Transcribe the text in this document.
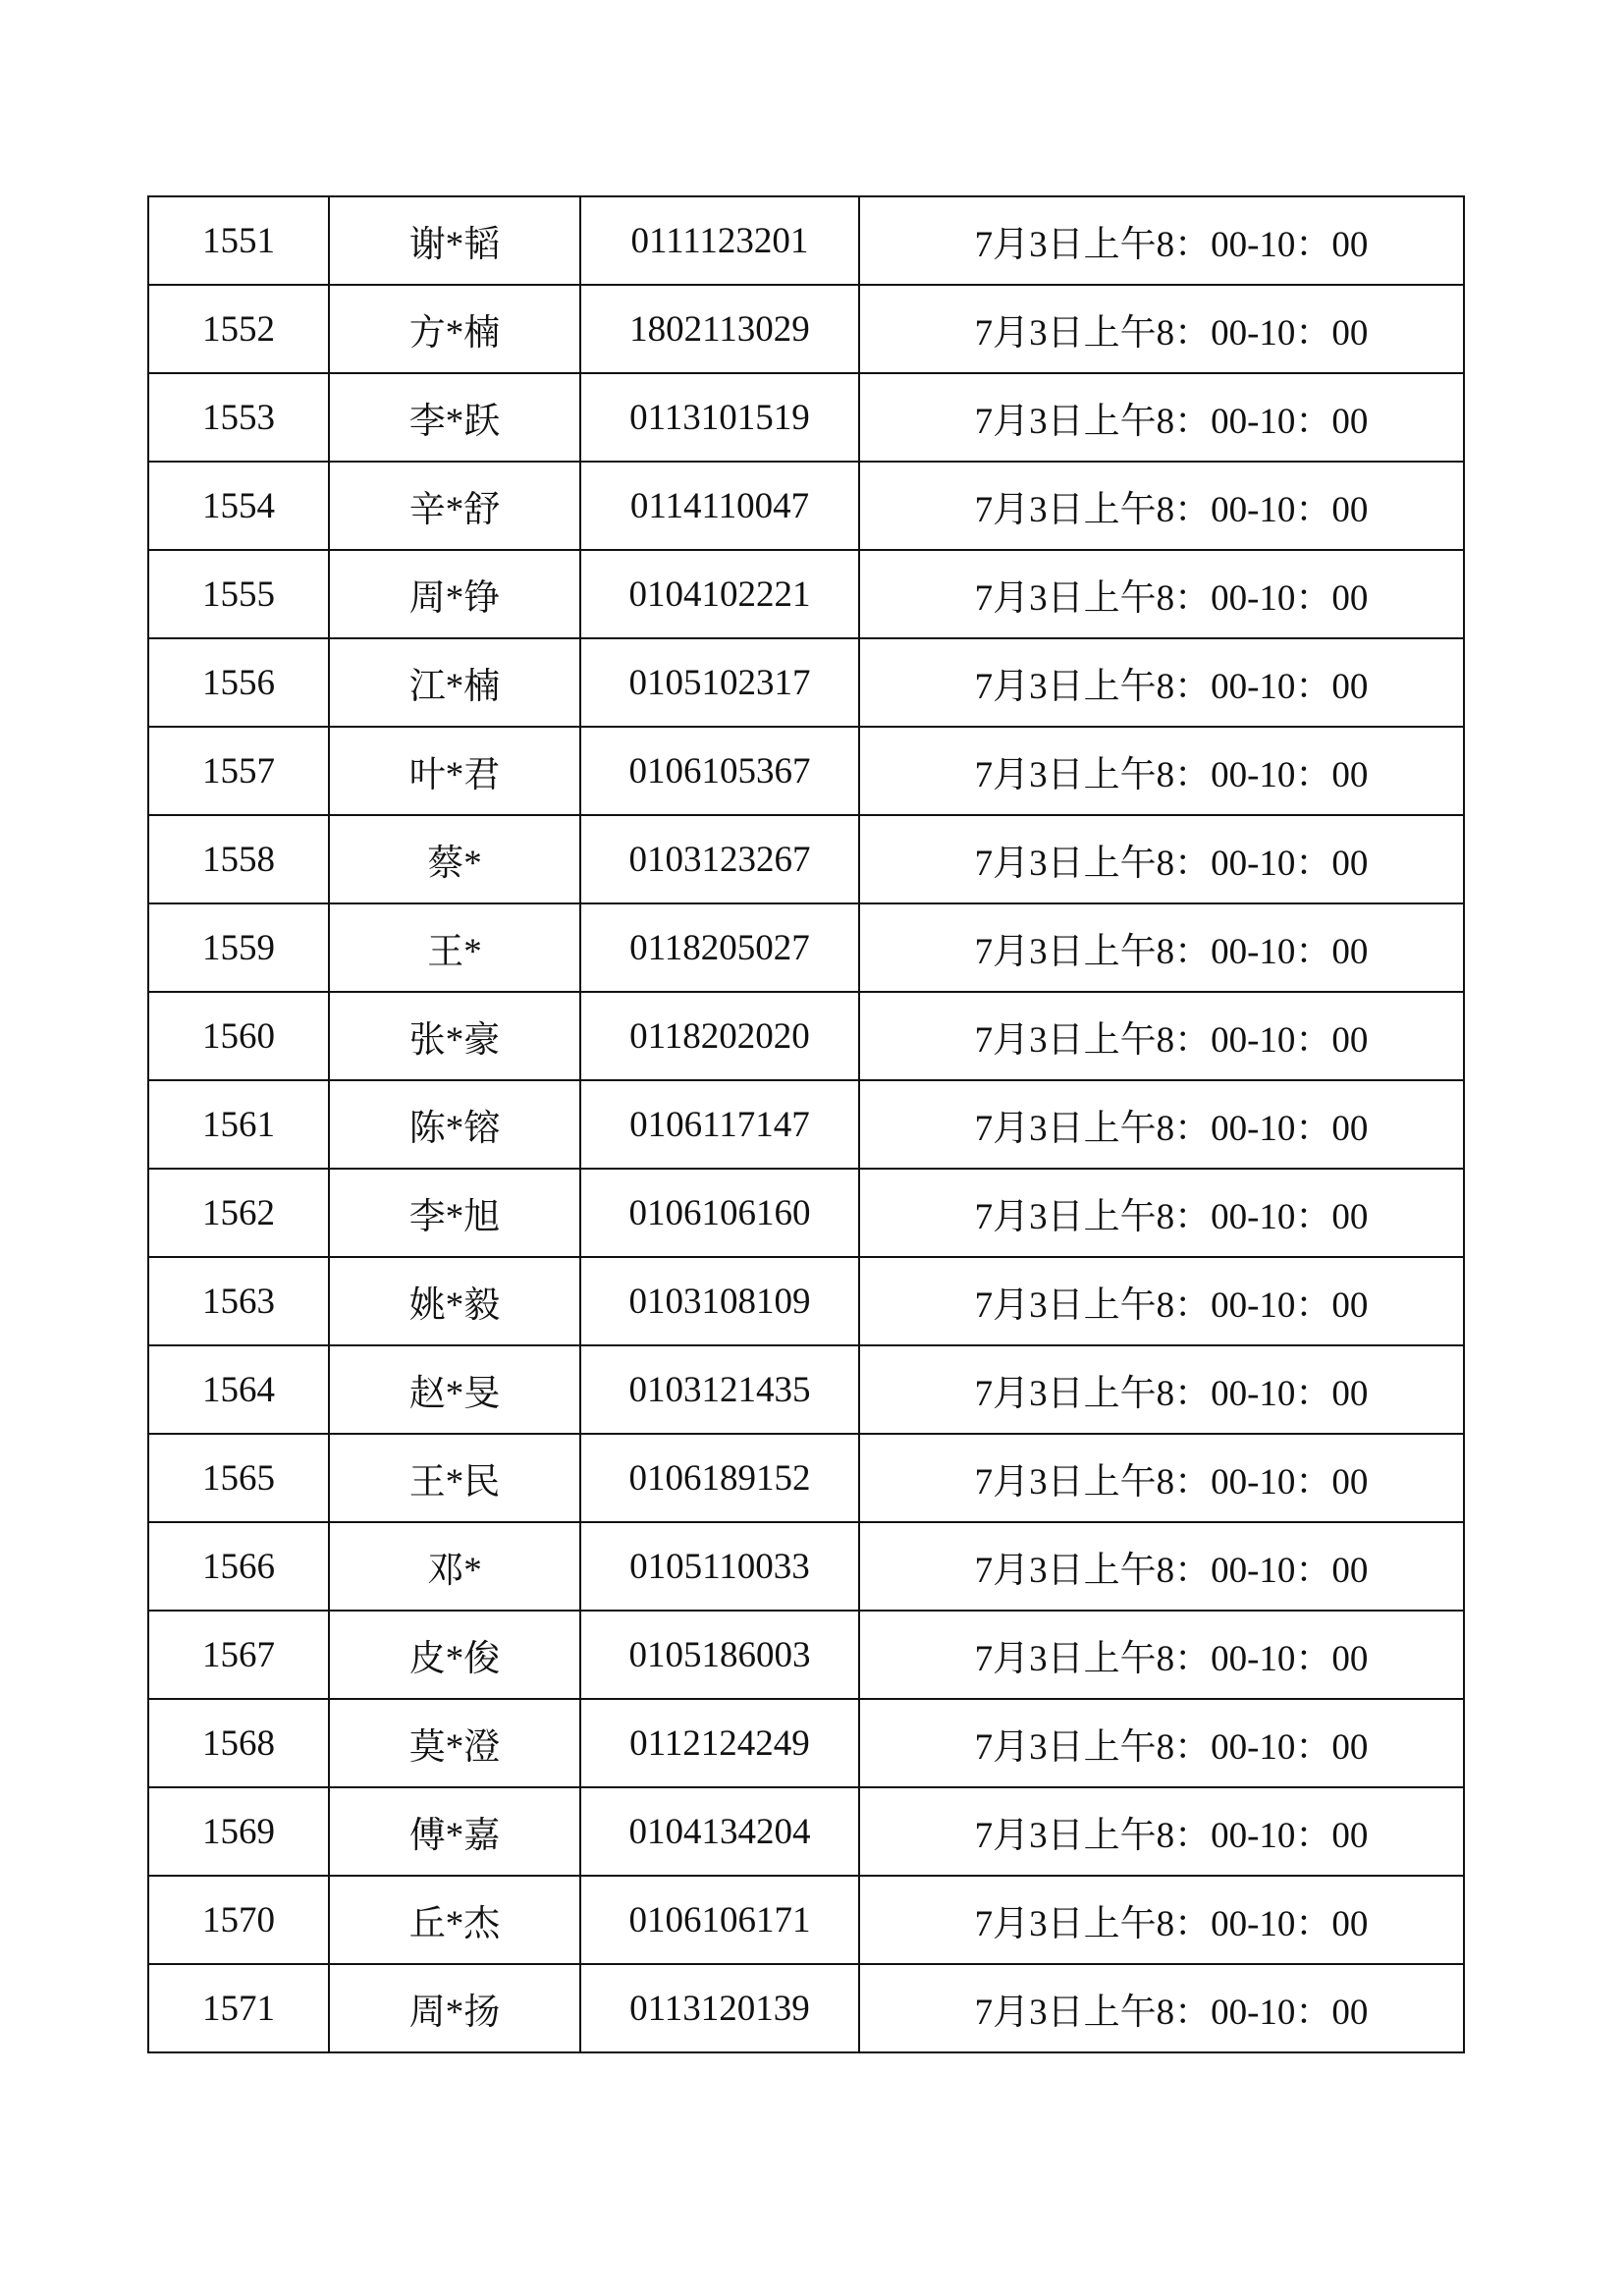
1551	谢*韬	0111123201	7月3日上午8：00-10：00
1552	方*楠	1802113029	7月3日上午8：00-10：00
1553	李*跃	0113101519	7月3日上午8：00-10：00
1554	辛*舒	0114110047	7月3日上午8：00-10：00
1555	周*铮	0104102221	7月3日上午8：00-10：00
1556	江*楠	0105102317	7月3日上午8：00-10：00
1557	叶*君	0106105367	7月3日上午8：00-10：00
1558	蔡*	0103123267	7月3日上午8：00-10：00
1559	王*	0118205027	7月3日上午8：00-10：00
1560	张*豪	0118202020	7月3日上午8：00-10：00
1561	陈*镕	0106117147	7月3日上午8：00-10：00
1562	李*旭	0106106160	7月3日上午8：00-10：00
1563	姚*毅	0103108109	7月3日上午8：00-10：00
1564	赵*旻	0103121435	7月3日上午8：00-10：00
1565	王*民	0106189152	7月3日上午8：00-10：00
1566	邓*	0105110033	7月3日上午8：00-10：00
1567	皮*俊	0105186003	7月3日上午8：00-10：00
1568	莫*澄	0112124249	7月3日上午8：00-10：00
1569	傅*嘉	0104134204	7月3日上午8：00-10：00
1570	丘*杰	0106106171	7月3日上午8：00-10：00
1571	周*扬	0113120139	7月3日上午8：00-10：00
